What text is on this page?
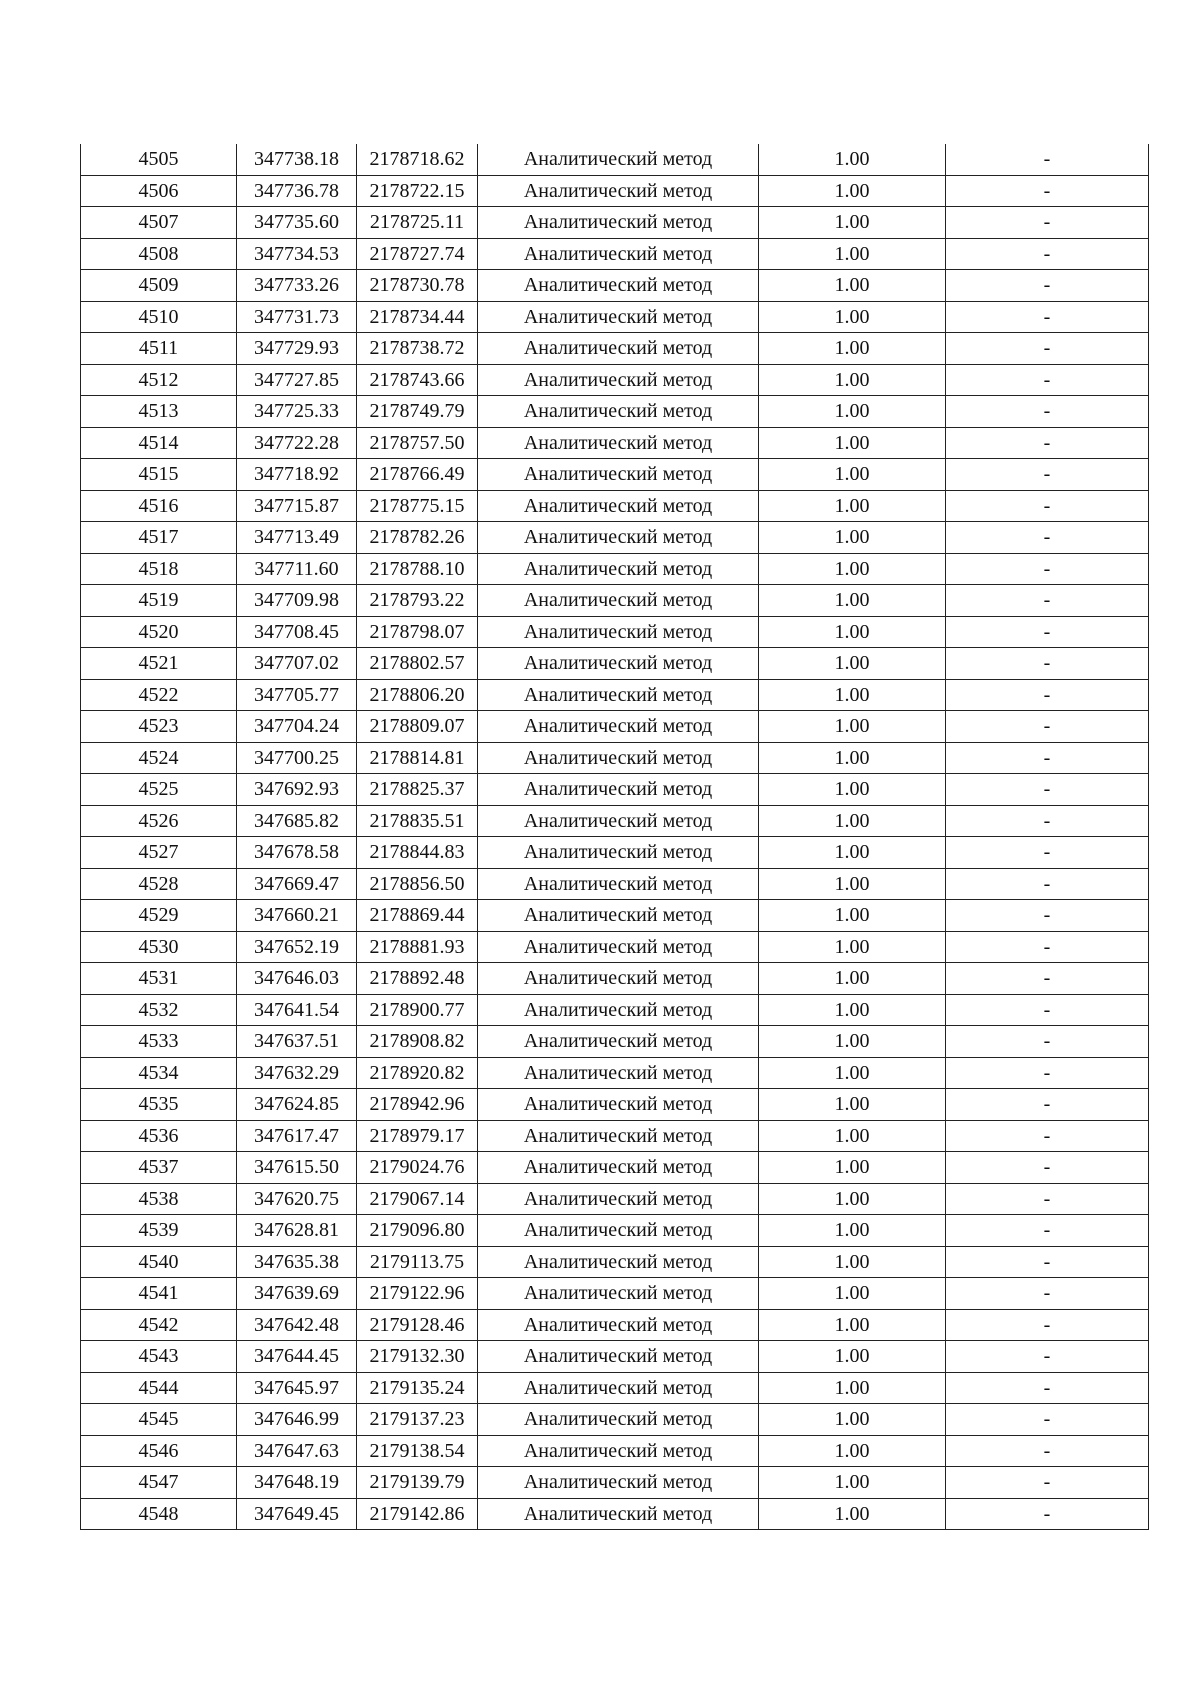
4505	347738.18	2178718.62	Аналитический метод	1.00	-
4506	347736.78	2178722.15	Аналитический метод	1.00	-
4507	347735.60	2178725.11	Аналитический метод	1.00	-
4508	347734.53	2178727.74	Аналитический метод	1.00	-
4509	347733.26	2178730.78	Аналитический метод	1.00	-
4510	347731.73	2178734.44	Аналитический метод	1.00	-
4511	347729.93	2178738.72	Аналитический метод	1.00	-
4512	347727.85	2178743.66	Аналитический метод	1.00	-
4513	347725.33	2178749.79	Аналитический метод	1.00	-
4514	347722.28	2178757.50	Аналитический метод	1.00	-
4515	347718.92	2178766.49	Аналитический метод	1.00	-
4516	347715.87	2178775.15	Аналитический метод	1.00	-
4517	347713.49	2178782.26	Аналитический метод	1.00	-
4518	347711.60	2178788.10	Аналитический метод	1.00	-
4519	347709.98	2178793.22	Аналитический метод	1.00	-
4520	347708.45	2178798.07	Аналитический метод	1.00	-
4521	347707.02	2178802.57	Аналитический метод	1.00	-
4522	347705.77	2178806.20	Аналитический метод	1.00	-
4523	347704.24	2178809.07	Аналитический метод	1.00	-
4524	347700.25	2178814.81	Аналитический метод	1.00	-
4525	347692.93	2178825.37	Аналитический метод	1.00	-
4526	347685.82	2178835.51	Аналитический метод	1.00	-
4527	347678.58	2178844.83	Аналитический метод	1.00	-
4528	347669.47	2178856.50	Аналитический метод	1.00	-
4529	347660.21	2178869.44	Аналитический метод	1.00	-
4530	347652.19	2178881.93	Аналитический метод	1.00	-
4531	347646.03	2178892.48	Аналитический метод	1.00	-
4532	347641.54	2178900.77	Аналитический метод	1.00	-
4533	347637.51	2178908.82	Аналитический метод	1.00	-
4534	347632.29	2178920.82	Аналитический метод	1.00	-
4535	347624.85	2178942.96	Аналитический метод	1.00	-
4536	347617.47	2178979.17	Аналитический метод	1.00	-
4537	347615.50	2179024.76	Аналитический метод	1.00	-
4538	347620.75	2179067.14	Аналитический метод	1.00	-
4539	347628.81	2179096.80	Аналитический метод	1.00	-
4540	347635.38	2179113.75	Аналитический метод	1.00	-
4541	347639.69	2179122.96	Аналитический метод	1.00	-
4542	347642.48	2179128.46	Аналитический метод	1.00	-
4543	347644.45	2179132.30	Аналитический метод	1.00	-
4544	347645.97	2179135.24	Аналитический метод	1.00	-
4545	347646.99	2179137.23	Аналитический метод	1.00	-
4546	347647.63	2179138.54	Аналитический метод	1.00	-
4547	347648.19	2179139.79	Аналитический метод	1.00	-
4548	347649.45	2179142.86	Аналитический метод	1.00	-
